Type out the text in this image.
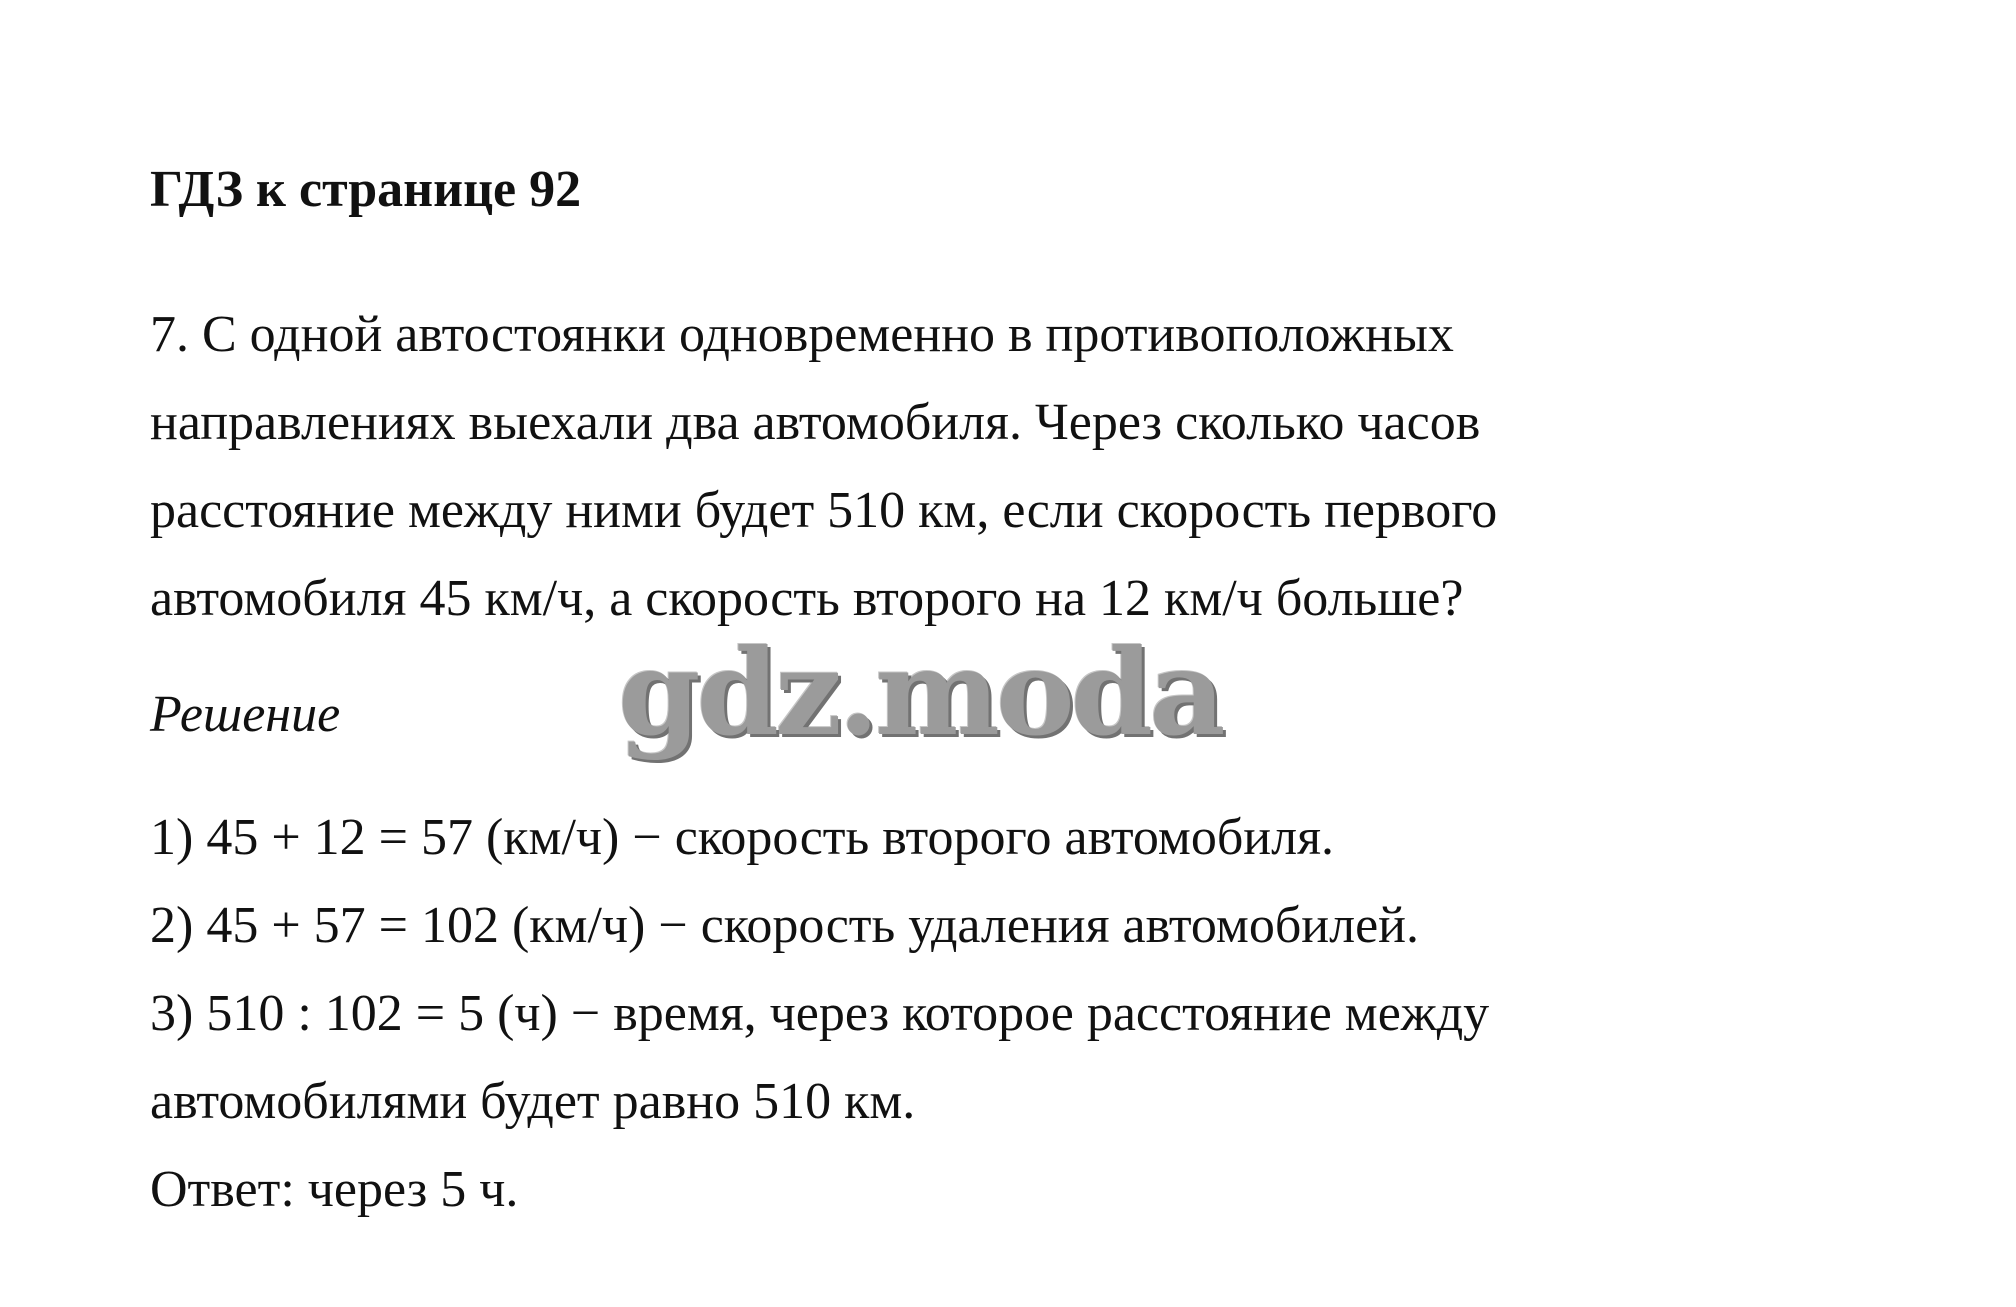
ГДЗ к странице 92
7. С одной автостоянки одновременно в противоположных
направлениях выехали два автомобиля. Через сколько часов
расстояние между ними будет 510 км, если скорость первого
автомобиля 45 км/ч, а скорость второго на 12 км/ч больше?
Решение gdz.moda
1) 45 + 12 = 57 (км/ч) − скорость второго автомобиля.
2) 45 + 57 = 102 (км/ч) − скорость удаления автомобилей.
3) 510 : 102 = 5 (ч) − время, через которое расстояние между
автомобилями будет равно 510 км.
Ответ: через 5 ч.
